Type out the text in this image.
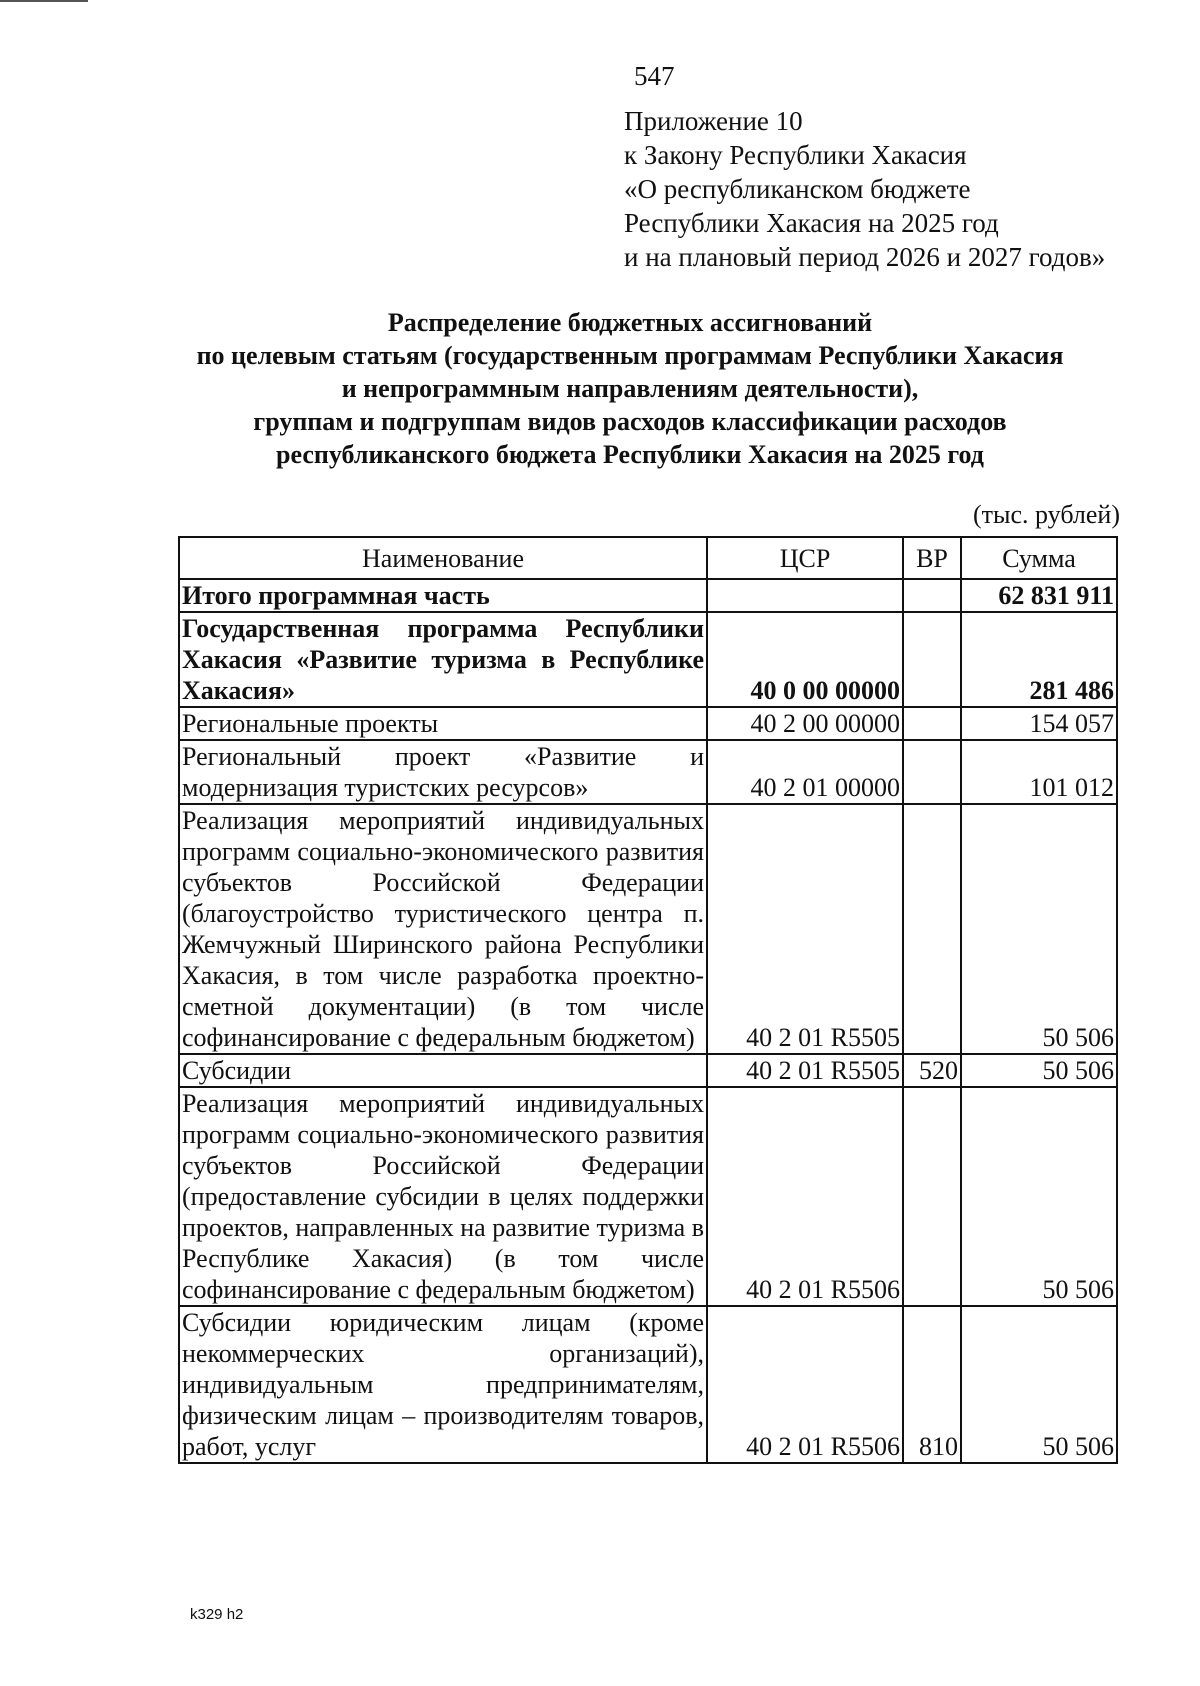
547
Приложение 10
к Закону Республики Хакасия
«О республиканском бюджете
Республики Хакасия на 2025 год
и на плановый период 2026 и 2027 годов»
Распределение бюджетных ассигнований
по целевым статьям (государственным программам Республики Хакасия
и непрограммным направлениям деятельности),
группам и подгруппам видов расходов классификации расходов
республиканского бюджета Республики Хакасия на 2025 год
(тыс. рублей)
Наименование	ЦСР	ВР	Сумма
Итого программная часть			62 831 911
Государственная программа Республики Хакасия «Развитие туризма в Республике Хакасия»	40 0 00 00000		281 486
Региональные проекты	40 2 00 00000		154 057
Региональный проект «Развитие и модернизация туристских ресурсов»	40 2 01 00000		101 012
Реализация мероприятий индивидуальных программ социально-экономического развития субъектов Российской Федерации (благоустройство туристического центра п. Жемчужный Ширинского района Республики Хакасия, в том числе разработка проектно-сметной документации) (в том числе софинансирование с федеральным бюджетом)	40 2 01 R5505		50 506
Субсидии	40 2 01 R5505	520	50 506
Реализация мероприятий индивидуальных программ социально-экономического развития субъектов Российской Федерации (предоставление субсидии в целях поддержки проектов, направленных на развитие туризма в Республике Хакасия) (в том числе софинансирование с федеральным бюджетом)	40 2 01 R5506		50 506
Субсидии юридическим лицам (кроме некоммерческих организаций), индивидуальным предпринимателям, физическим лицам – производителям товаров, работ, услуг	40 2 01 R5506	810	50 506
k329 h2
